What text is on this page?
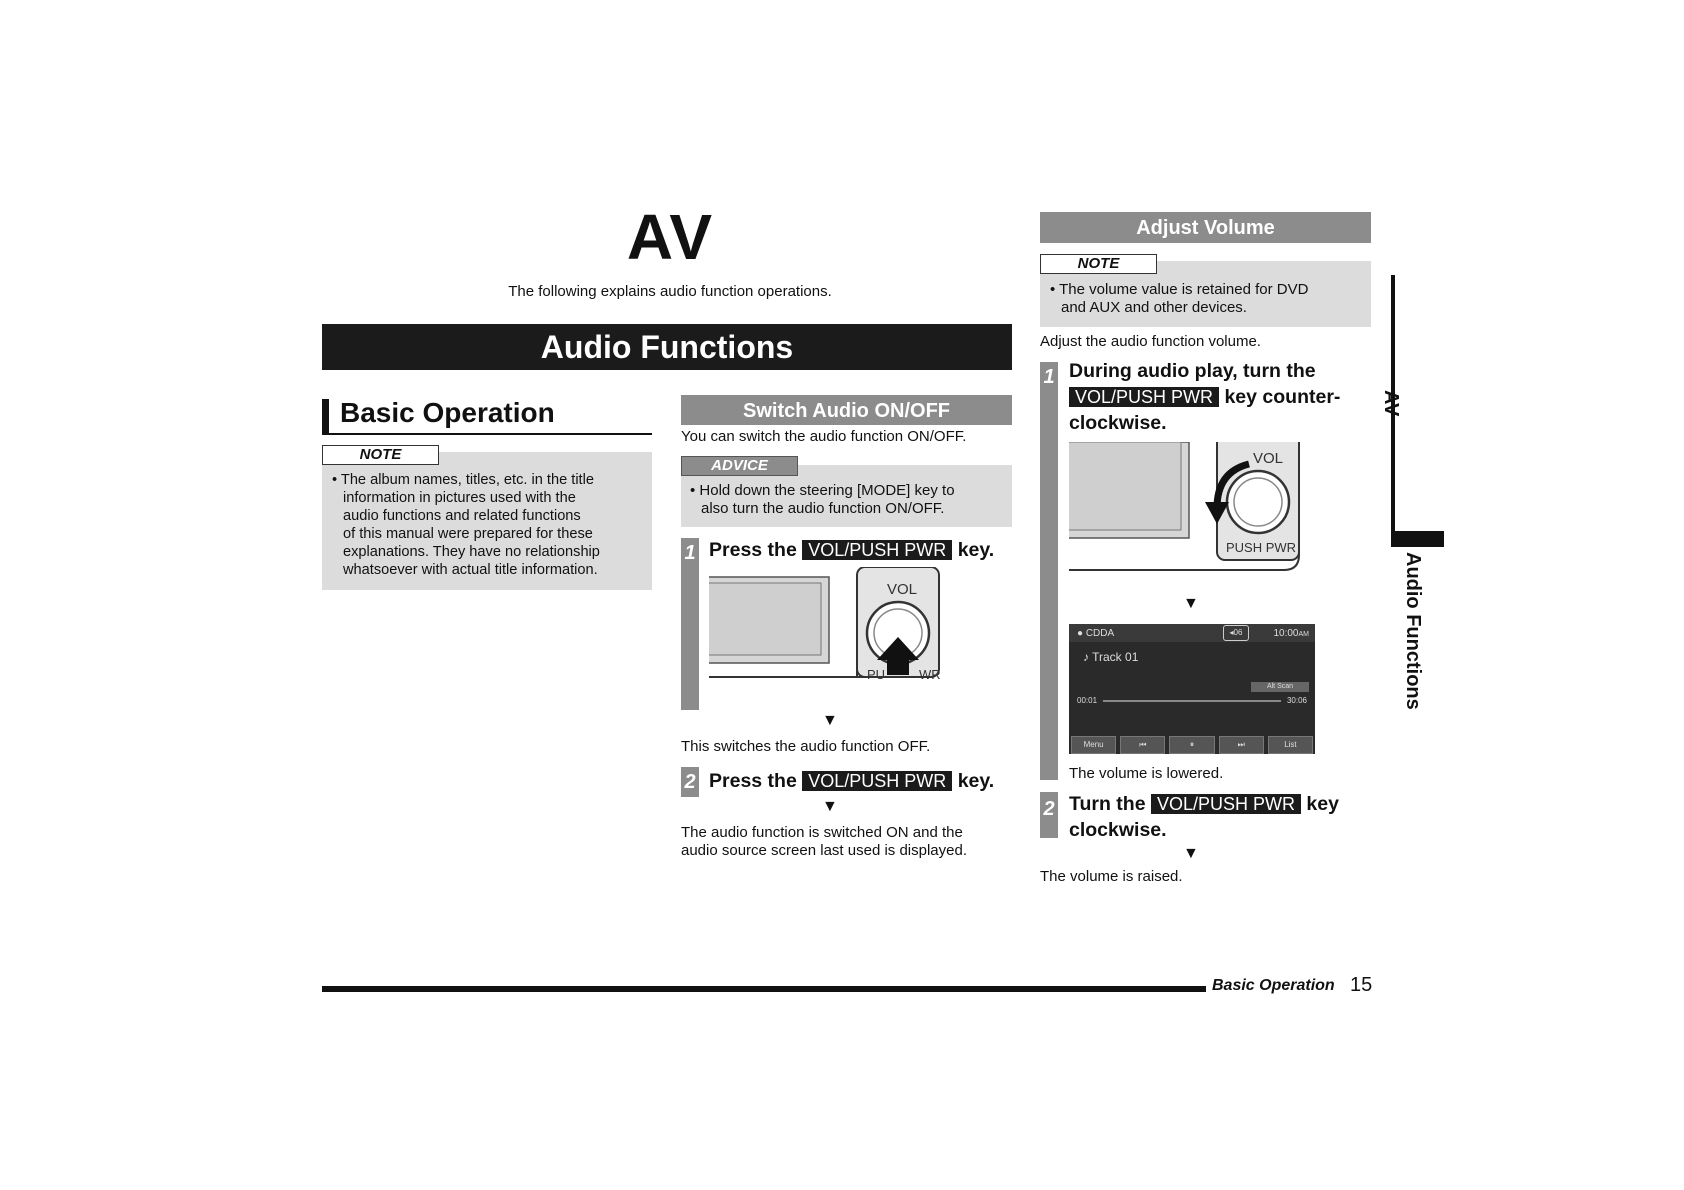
AV
The following explains audio function operations.
Audio Functions
Basic Operation
NOTE
• The album names, titles, etc. in the title
information in pictures used with the
audio functions and related functions
of this manual were prepared for these
explanations. They have no relationship
whatsoever with actual title information.
Switch Audio ON/OFF
You can switch the audio function ON/OFF.
ADVICE
• Hold down the steering [MODE] key to
also turn the audio function ON/OFF.
1 Press the VOL/PUSH PWR key.
VOL
PU	WR
▼
This switches the audio function OFF.
2 Press the VOL/PUSH PWR key.
▼
The audio function is switched ON and the
audio source screen last used is displayed.
Adjust Volume
NOTE
• The volume value is retained for DVD
and AUX and other devices.
Adjust the audio function volume.
1 During audio play, turn the
VOL/PUSH PWR key counter-
clockwise.
VOL
PUSH PWR
▼
● CDDA	◂06	10:00AM
♪ Track 01
Alt Scan
00:01	30:06
Menu	⏮	⏸	⏭	List
The volume is lowered.
2 Turn the VOL/PUSH PWR key
clockwise.
▼
The volume is raised.
AV
Audio Functions
Basic Operation 15
